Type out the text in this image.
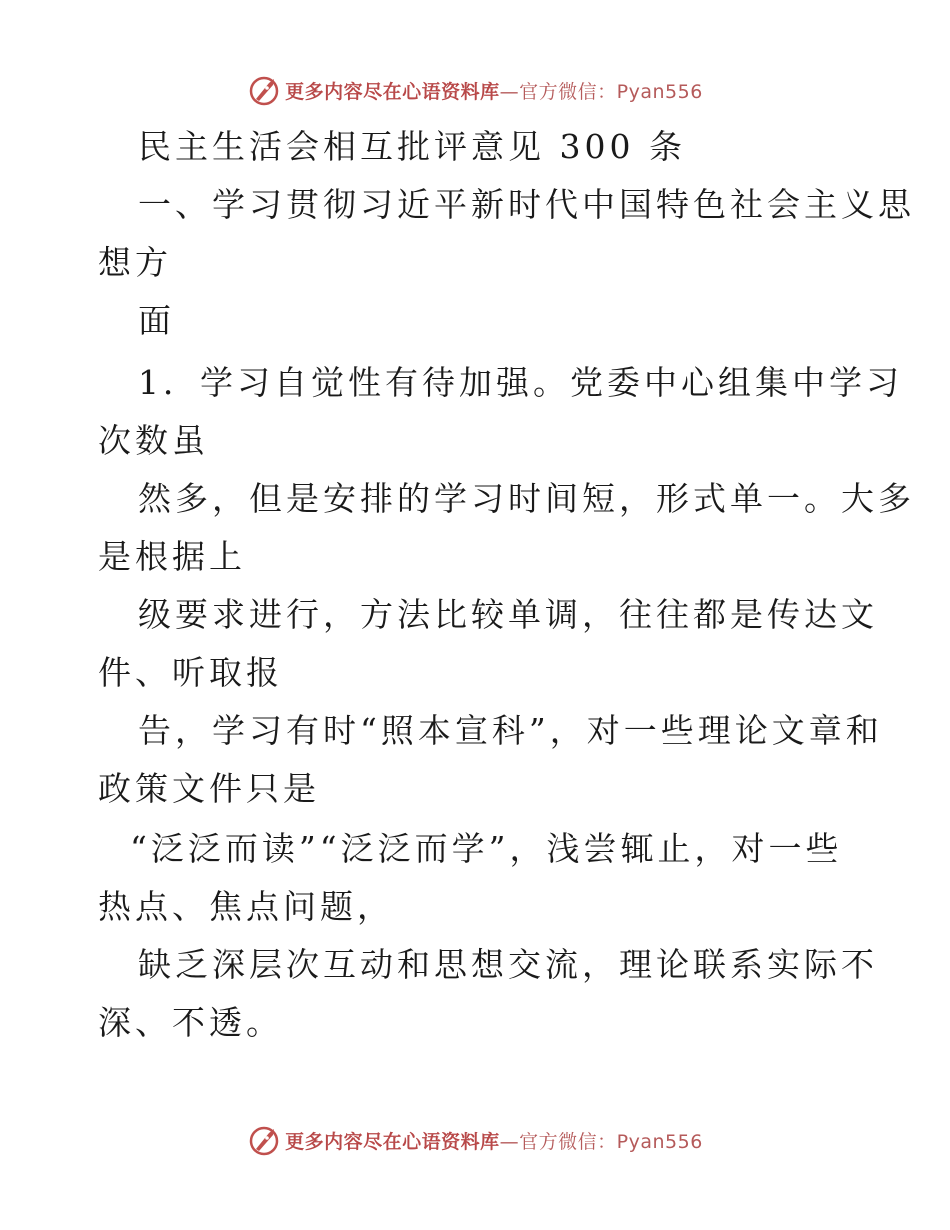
更多内容尽在心语资料库 —官方微信：Pyan556
民主生活会相互批评意见 300 条
一、学习贯彻习近平新时代中国特色社会主义思
想方
面
1．学习自觉性有待加强。党委中心组集中学习
次数虽
然多，但是安排的学习时间短，形式单一。大多
是根据上
级要求进行，方法比较单调，往往都是传达文
件、听取报
告，学习有时“照本宣科”，对一些理论文章和
政策文件只是
“泛泛而读”“泛泛而学”，浅尝辄止，对一些
热点、焦点问题，
缺乏深层次互动和思想交流，理论联系实际不
深、不透。
更多内容尽在心语资料库 —官方微信：Pyan556
